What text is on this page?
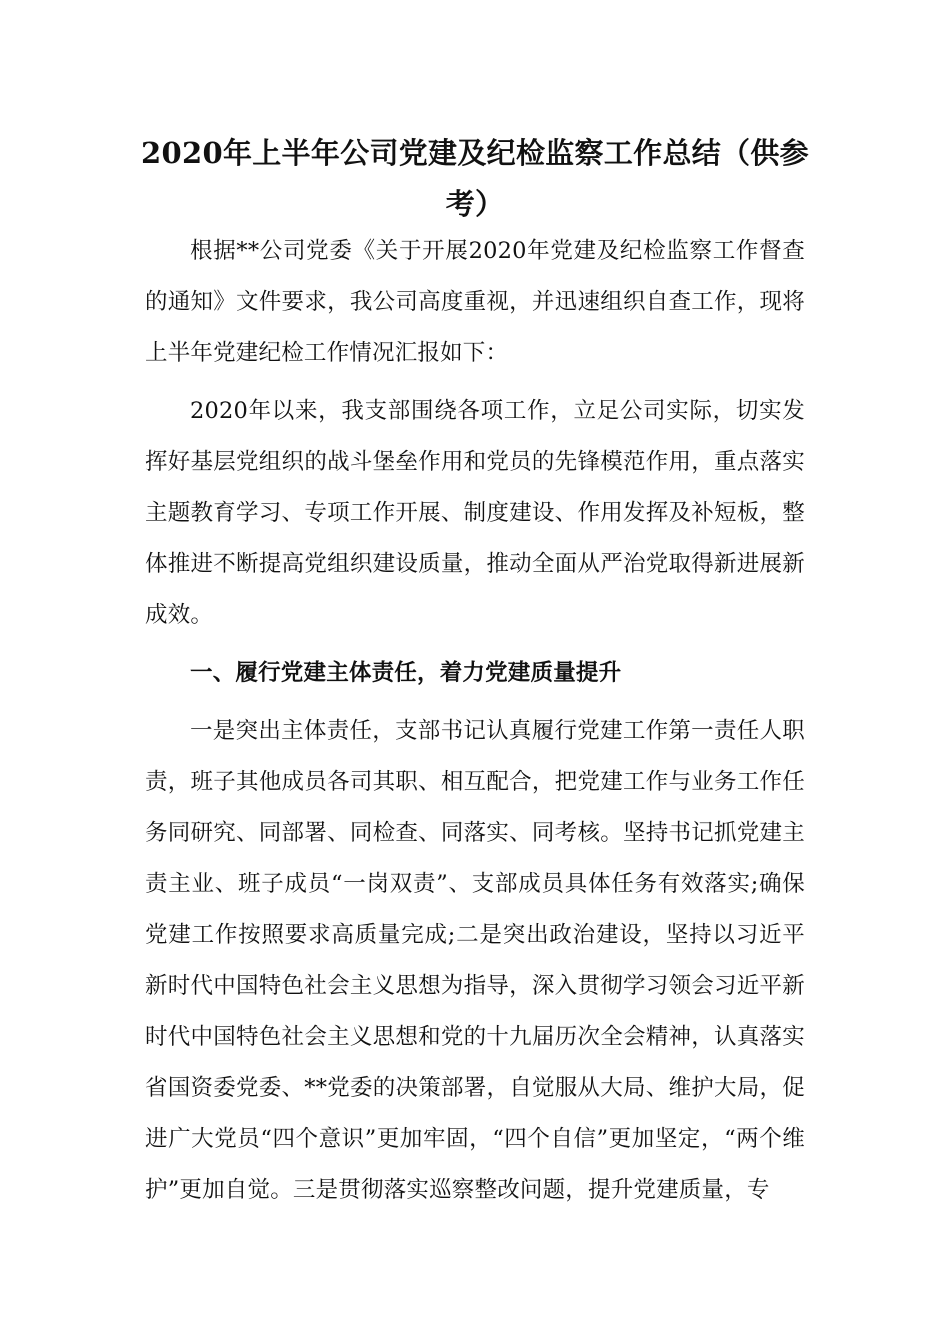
2020年上半年公司党建及纪检监察工作总结（供参考）

根据**公司党委《关于开展2020年党建及纪检监察工作督查的通知》文件要求，我公司高度重视，并迅速组织自查工作，现将上半年党建纪检工作情况汇报如下：

2020年以来，我支部围绕各项工作，立足公司实际，切实发挥好基层党组织的战斗堡垒作用和党员的先锋模范作用，重点落实主题教育学习、专项工作开展、制度建设、作用发挥及补短板，整体推进不断提高党组织建设质量，推动全面从严治党取得新进展新成效。

一、履行党建主体责任，着力党建质量提升

一是突出主体责任，支部书记认真履行党建工作第一责任人职责，班子其他成员各司其职、相互配合，把党建工作与业务工作任务同研究、同部署、同检查、同落实、同考核。坚持书记抓党建主责主业、班子成员“一岗双责”、支部成员具体任务有效落实;确保党建工作按照要求高质量完成;二是突出政治建设，坚持以习近平新时代中国特色社会主义思想为指导，深入贯彻学习领会习近平新时代中国特色社会主义思想和党的十九届历次全会精神，认真落实省国资委党委、**党委的决策部署，自觉服从大局、维护大局，促进广大党员“四个意识”更加牢固，“四个自信”更加坚定，“两个维护”更加自觉。三是贯彻落实巡察整改问题，提升党建质量，专
